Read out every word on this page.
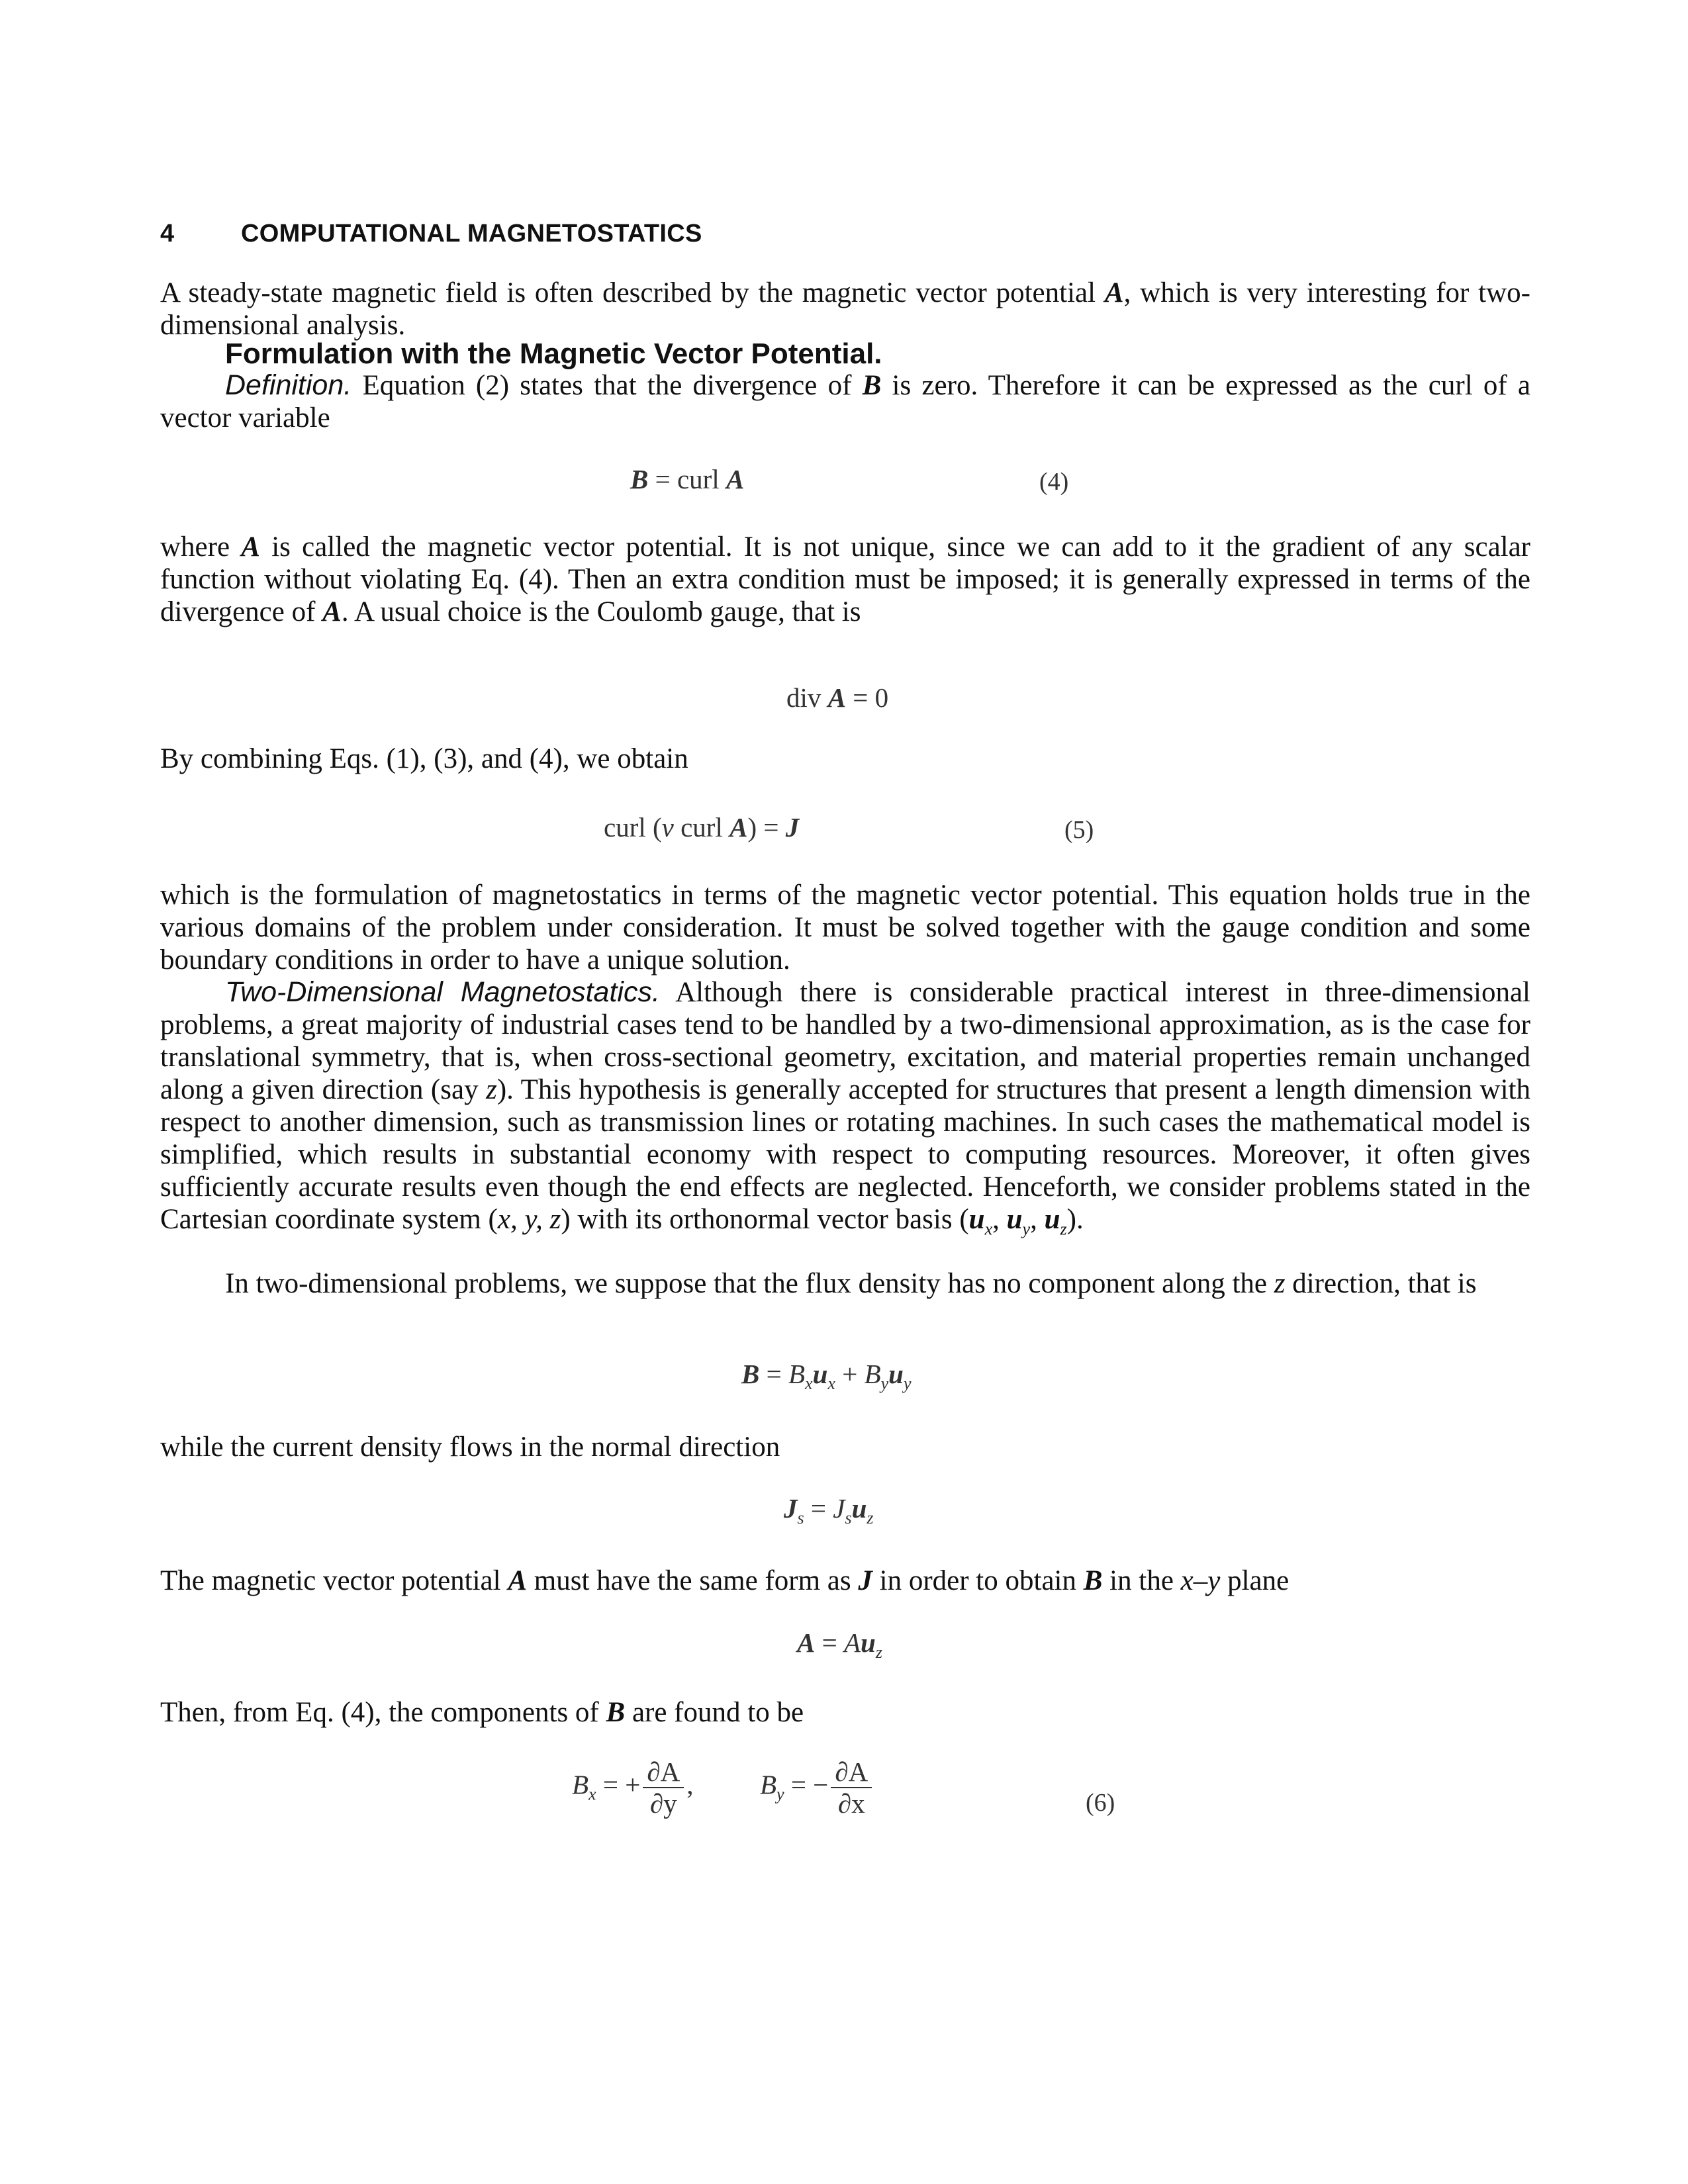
4	COMPUTATIONAL MAGNETOSTATICS

A steady-state magnetic field is often described by the magnetic vector potential A, which is very interesting for two-dimensional analysis.

Formulation with the Magnetic Vector Potential.

Definition. Equation (2) states that the divergence of B is zero. Therefore it can be expressed as the curl of a vector variable

B = curl A	(4)

where A is called the magnetic vector potential. It is not unique, since we can add to it the gradient of any scalar function without violating Eq. (4). Then an extra condition must be imposed; it is generally expressed in terms of the divergence of A. A usual choice is the Coulomb gauge, that is

div A = 0

By combining Eqs. (1), (3), and (4), we obtain

curl (ν curl A) = J	(5)

which is the formulation of magnetostatics in terms of the magnetic vector potential. This equation holds true in the various domains of the problem under consideration. It must be solved together with the gauge condition and some boundary conditions in order to have a unique solution.

Two-Dimensional Magnetostatics. Although there is considerable practical interest in three-dimensional problems, a great majority of industrial cases tend to be handled by a two-dimensional approximation, as is the case for translational symmetry, that is, when cross-sectional geometry, excitation, and material properties remain unchanged along a given direction (say z). This hypothesis is generally accepted for structures that present a length dimension with respect to another dimension, such as transmission lines or rotating machines. In such cases the mathematical model is simplified, which results in substantial economy with respect to computing resources. Moreover, it often gives sufficiently accurate results even though the end effects are neglected. Henceforth, we consider problems stated in the Cartesian coordinate system (x, y, z) with its orthonormal vector basis ($u_x$, $u_y$, $u_z$).

In two-dimensional problems, we suppose that the flux density has no component along the z direction, that is

$B = B_xu_x + B_yu_y$

while the current density flows in the normal direction

$J_s = J_su_z$

The magnetic vector potential A must have the same form as J in order to obtain B in the x–y plane

$A = Au_z$

Then, from Eq. (4), the components of B are found to be

$B_x$ = + $\frac{\partial A}{\partial y}$ , $B_y$ = − $\frac{\partial A}{\partial x}$	(6)
